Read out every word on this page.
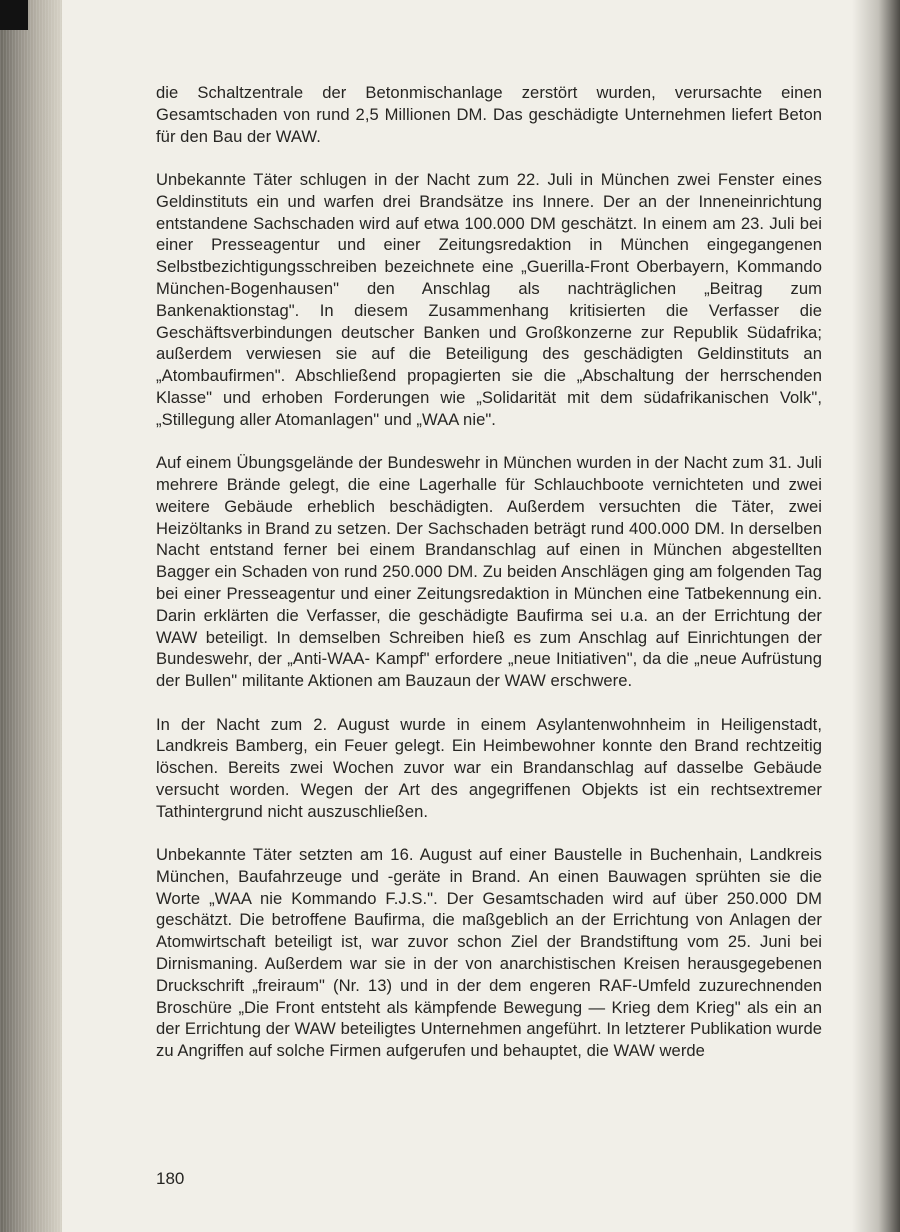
die Schaltzentrale der Betonmischanlage zerstört wurden, verursachte einen Gesamtschaden von rund 2,5 Millionen DM. Das geschädigte Unternehmen liefert Beton für den Bau der WAW.

Unbekannte Täter schlugen in der Nacht zum 22. Juli in München zwei Fenster eines Geldinstituts ein und warfen drei Brandsätze ins Innere. Der an der Inneneinrichtung entstandene Sachschaden wird auf etwa 100.000 DM geschätzt. In einem am 23. Juli bei einer Presseagentur und einer Zeitungsredaktion in München eingegangenen Selbstbezichtigungsschreiben bezeichnete eine „Guerilla-Front Oberbayern, Kommando München-Bogenhausen" den Anschlag als nachträglichen „Beitrag zum Bankenaktionstag". In diesem Zusammenhang kritisierten die Verfasser die Geschäftsverbindungen deutscher Banken und Großkonzerne zur Republik Südafrika; außerdem verwiesen sie auf die Beteiligung des geschädigten Geldinstituts an „Atombaufirmen". Abschließend propagierten sie die „Abschaltung der herrschenden Klasse" und erhoben Forderungen wie „Solidarität mit dem südafrikanischen Volk", „Stillegung aller Atomanlagen" und „WAA nie".

Auf einem Übungsgelände der Bundeswehr in München wurden in der Nacht zum 31. Juli mehrere Brände gelegt, die eine Lagerhalle für Schlauchboote vernichteten und zwei weitere Gebäude erheblich beschädigten. Außerdem versuchten die Täter, zwei Heizöltanks in Brand zu setzen. Der Sachschaden beträgt rund 400.000 DM. In derselben Nacht entstand ferner bei einem Brandanschlag auf einen in München abgestellten Bagger ein Schaden von rund 250.000 DM. Zu beiden Anschlägen ging am folgenden Tag bei einer Presseagentur und einer Zeitungsredaktion in München eine Tatbekennung ein. Darin erklärten die Verfasser, die geschädigte Baufirma sei u.a. an der Errichtung der WAW beteiligt. In demselben Schreiben hieß es zum Anschlag auf Einrichtungen der Bundeswehr, der „Anti-WAA- Kampf" erfordere „neue Initiativen", da die „neue Aufrüstung der Bullen" militante Aktionen am Bauzaun der WAW erschwere.

In der Nacht zum 2. August wurde in einem Asylantenwohnheim in Heiligenstadt, Landkreis Bamberg, ein Feuer gelegt. Ein Heimbewohner konnte den Brand rechtzeitig löschen. Bereits zwei Wochen zuvor war ein Brandanschlag auf dasselbe Gebäude versucht worden. Wegen der Art des angegriffenen Objekts ist ein rechtsextremer Tathintergrund nicht auszuschließen.

Unbekannte Täter setzten am 16. August auf einer Baustelle in Buchenhain, Landkreis München, Baufahrzeuge und -geräte in Brand. An einen Bauwagen sprühten sie die Worte „WAA nie Kommando F.J.S.". Der Gesamtschaden wird auf über 250.000 DM geschätzt. Die betroffene Baufirma, die maßgeblich an der Errichtung von Anlagen der Atomwirtschaft beteiligt ist, war zuvor schon Ziel der Brandstiftung vom 25. Juni bei Dirnismaning. Außerdem war sie in der von anarchistischen Kreisen herausgegebenen Druckschrift „freiraum" (Nr. 13) und in der dem engeren RAF-Umfeld zuzurechnenden Broschüre „Die Front entsteht als kämpfende Bewegung — Krieg dem Krieg" als ein an der Errichtung der WAW beteiligtes Unternehmen angeführt. In letzterer Publikation wurde zu Angriffen auf solche Firmen aufgerufen und behauptet, die WAW werde

180
